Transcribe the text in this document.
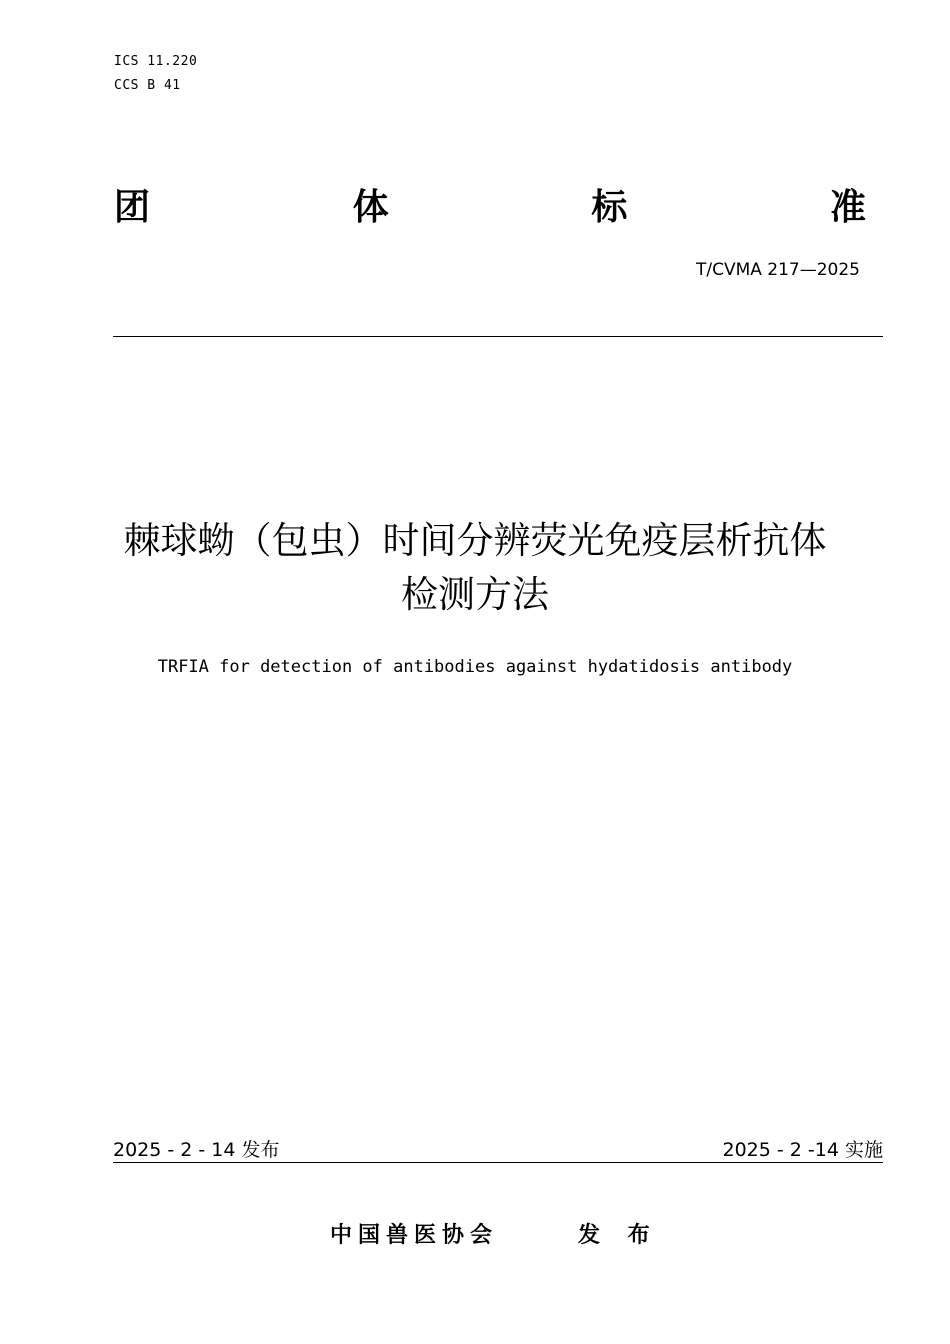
ICS 11.220
CCS B 41
团	体	标	准
T/CVMA 217—2025
棘球蚴（包虫）时间分辨荧光免疫层析抗体
检测方法
TRFIA for detection of antibodies against hydatidosis antibody
2025 - 2 - 14 发布	2025 - 2 -14 实施
中国兽医协会	发 布
